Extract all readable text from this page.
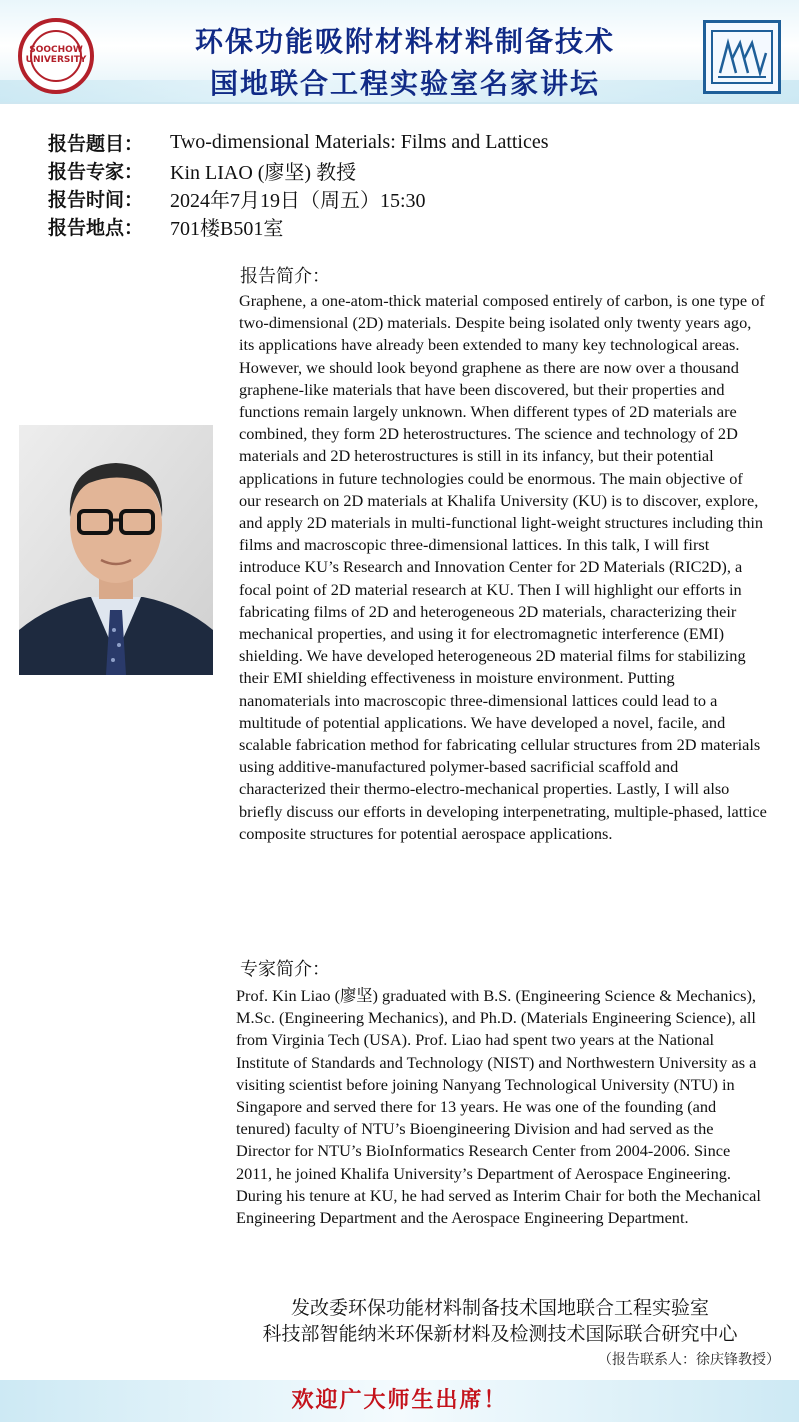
SOOCHOW UNIVERSITY
环保功能吸附材料材料制备技术
国地联合工程实验室名家讲坛
报告题目：	Two-dimensional Materials: Films and Lattices
报告专家：	Kin LIAO (廖坚) 教授
报告时间：	2024年7月19日（周五）15:30
报告地点：	701楼B501室
报告简介：
Graphene, a one-atom-thick material composed entirely of carbon, is one type of two-dimensional (2D) materials. Despite being isolated only twenty years ago, its applications have already been extended to many key technological areas. However, we should look beyond graphene as there are now over a thousand graphene-like materials that have been discovered, but their properties and functions remain largely unknown. When different types of 2D materials are combined, they form 2D heterostructures. The science and technology of 2D materials and 2D heterostructures is still in its infancy, but their potential applications in future technologies could be enormous. The main objective of our research on 2D materials at Khalifa University (KU) is to discover, explore, and apply 2D materials in multi-functional light-weight structures including thin films and macroscopic three-dimensional lattices. In this talk, I will first introduce KU’s Research and Innovation Center for 2D Materials (RIC2D), a focal point of 2D material research at KU. Then I will highlight our efforts in fabricating films of 2D and heterogeneous 2D materials, characterizing their mechanical properties, and using it for electromagnetic interference (EMI) shielding. We have developed heterogeneous 2D material films for stabilizing their EMI shielding effectiveness in moisture environment. Putting nanomaterials into macroscopic three-dimensional lattices could lead to a multitude of potential applications. We have developed a novel, facile, and scalable fabrication method for fabricating cellular structures from 2D materials using additive-manufactured polymer-based sacrificial scaffold and characterized their thermo-electro-mechanical properties. Lastly, I will also briefly discuss our efforts in developing interpenetrating, multiple-phased, lattice composite structures for potential aerospace applications.
专家简介：
Prof. Kin Liao (廖坚) graduated with B.S. (Engineering Science & Mechanics), M.Sc. (Engineering Mechanics), and Ph.D. (Materials Engineering Science), all from Virginia Tech (USA). Prof. Liao had spent two years at the National Institute of Standards and Technology (NIST) and Northwestern University as a visiting scientist before joining Nanyang Technological University (NTU) in Singapore and served there for 13 years. He was one of the founding (and tenured) faculty of NTU’s Bioengineering Division and had served as the Director for NTU’s BioInformatics Research Center from 2004-2006. Since 2011, he joined Khalifa University’s Department of Aerospace Engineering. During his tenure at KU, he had served as Interim Chair for both the Mechanical Engineering Department and the Aerospace Engineering Department.
发改委环保功能材料制备技术国地联合工程实验室
科技部智能纳米环保新材料及检测技术国际联合研究中心
（报告联系人：徐庆锋教授）
欢迎广大师生出席！
